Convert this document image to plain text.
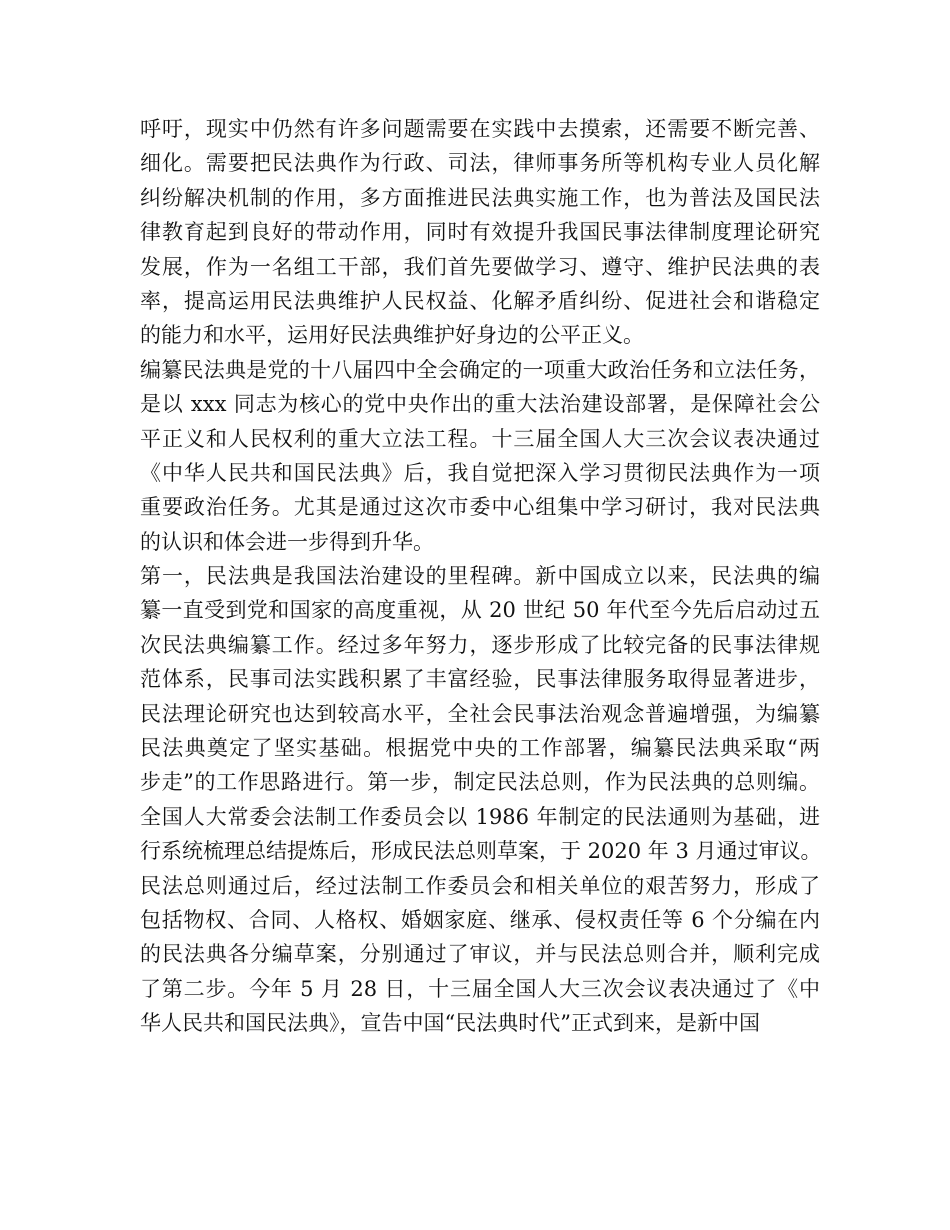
呼吁，现实中仍然有许多问题需要在实践中去摸索，还需要不断完善、
细化。需要把民法典作为行政、司法，律师事务所等机构专业人员化解
纠纷解决机制的作用，多方面推进民法典实施工作，也为普法及国民法
律教育起到良好的带动作用，同时有效提升我国民事法律制度理论研究
发展，作为一名组工干部，我们首先要做学习、遵守、维护民法典的表
率，提高运用民法典维护人民权益、化解矛盾纠纷、促进社会和谐稳定
的能力和水平，运用好民法典维护好身边的公平正义。
编纂民法典是党的十八届四中全会确定的一项重大政治任务和立法任务，
是以 xxx 同志为核心的党中央作出的重大法治建设部署，是保障社会公
平正义和人民权利的重大立法工程。十三届全国人大三次会议表决通过
《中华人民共和国民法典》后，我自觉把深入学习贯彻民法典作为一项
重要政治任务。尤其是通过这次市委中心组集中学习研讨，我对民法典
的认识和体会进一步得到升华。
第一，民法典是我国法治建设的里程碑。新中国成立以来，民法典的编
纂一直受到党和国家的高度重视，从 20 世纪 50 年代至今先后启动过五
次民法典编纂工作。经过多年努力，逐步形成了比较完备的民事法律规
范体系，民事司法实践积累了丰富经验，民事法律服务取得显著进步，
民法理论研究也达到较高水平，全社会民事法治观念普遍增强，为编纂
民法典奠定了坚实基础。根据党中央的工作部署，编纂民法典采取“两
步走”的工作思路进行。第一步，制定民法总则，作为民法典的总则编。
全国人大常委会法制工作委员会以 1986 年制定的民法通则为基础，进
行系统梳理总结提炼后，形成民法总则草案，于 2020 年 3 月通过审议。
民法总则通过后，经过法制工作委员会和相关单位的艰苦努力，形成了
包括物权、合同、人格权、婚姻家庭、继承、侵权责任等 6 个分编在内
的民法典各分编草案，分别通过了审议，并与民法总则合并，顺利完成
了第二步。今年 5 月 28 日，十三届全国人大三次会议表决通过了《中
华人民共和国民法典》，宣告中国“民法典时代”正式到来，是新中国
